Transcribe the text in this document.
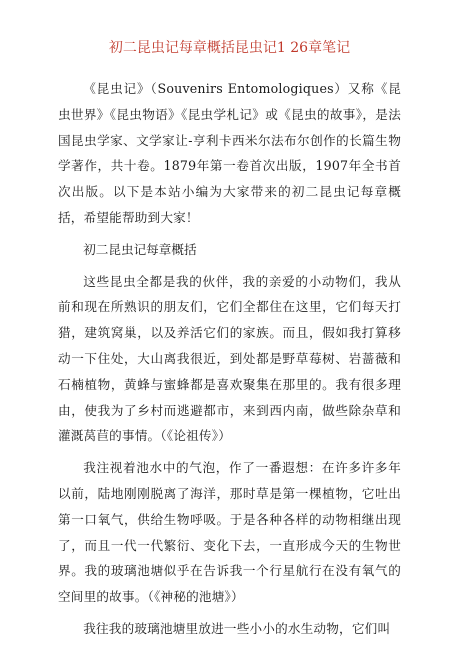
初二昆虫记每章概括昆虫记1 26章笔记

《昆虫记》（Souvenirs Entomologiques）又称《昆虫世界》《昆虫物语》《昆虫学札记》或《昆虫的故事》，是法国昆虫学家、文学家让-亨利卡西米尔法布尔创作的长篇生物学著作，共十卷。1879年第一卷首次出版，1907年全书首次出版。以下是本站小编为大家带来的初二昆虫记每章概括，希望能帮助到大家！

初二昆虫记每章概括

这些昆虫全都是我的伙伴，我的亲爱的小动物们，我从前和现在所熟识的朋友们，它们全都住在这里，它们每天打猎，建筑窝巢，以及养活它们的家族。而且，假如我打算移动一下住处，大山离我很近，到处都是野草莓树、岩蔷薇和石楠植物，黄蜂与蜜蜂都是喜欢聚集在那里的。我有很多理由，使我为了乡村而逃避都市，来到西内南，做些除杂草和灌溉莴苣的事情。（《论祖传》）

我注视着池水中的气泡，作了一番遐想：在许多许多年以前，陆地刚刚脱离了海洋，那时草是第一棵植物，它吐出第一口氧气，供给生物呼吸。于是各种各样的动物相继出现了，而且一代一代繁衍、变化下去，一直形成今天的生物世界。我的玻璃池塘似乎在告诉我一个行星航行在没有氧气的空间里的故事。（《神秘的池塘》）

我往我的玻璃池塘里放进一些小小的水生动物，它们叫
